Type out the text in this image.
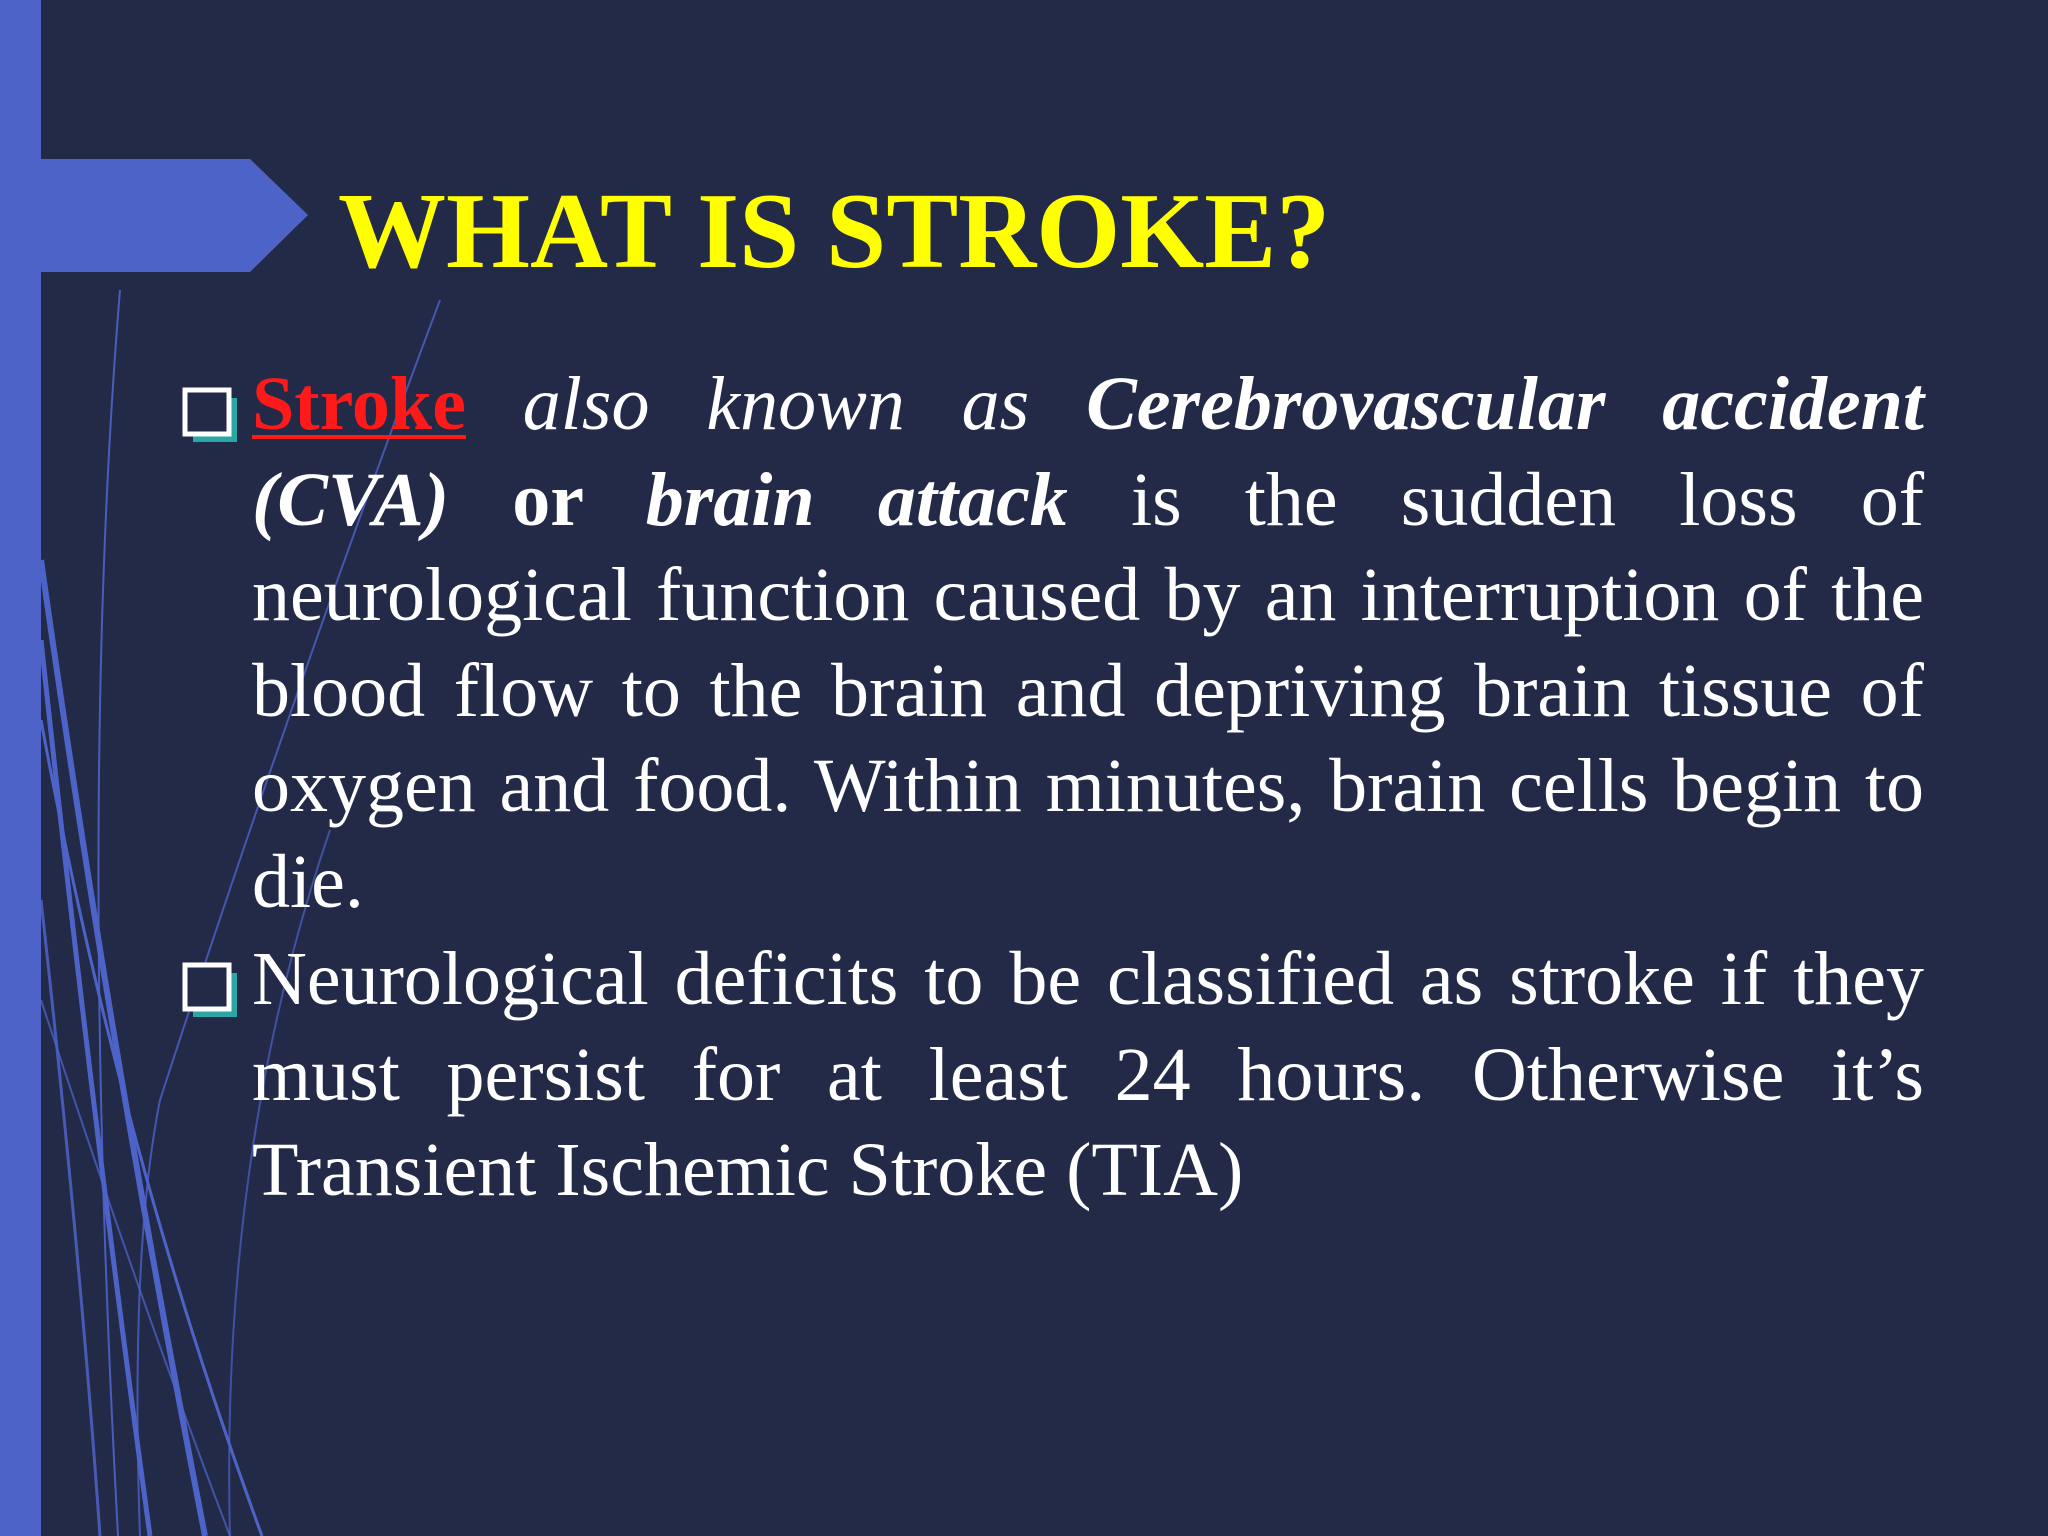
WHAT IS STROKE?
Stroke also known as Cerebrovascular accident (CVA) or brain attack is the sudden loss of neurological function caused by an interruption of the blood flow to the brain and depriving brain tissue of oxygen and food. Within minutes, brain cells begin to die.
Neurological deficits to be classified as stroke if they must persist for at least 24 hours. Otherwise it’s Transient Ischemic Stroke (TIA)
